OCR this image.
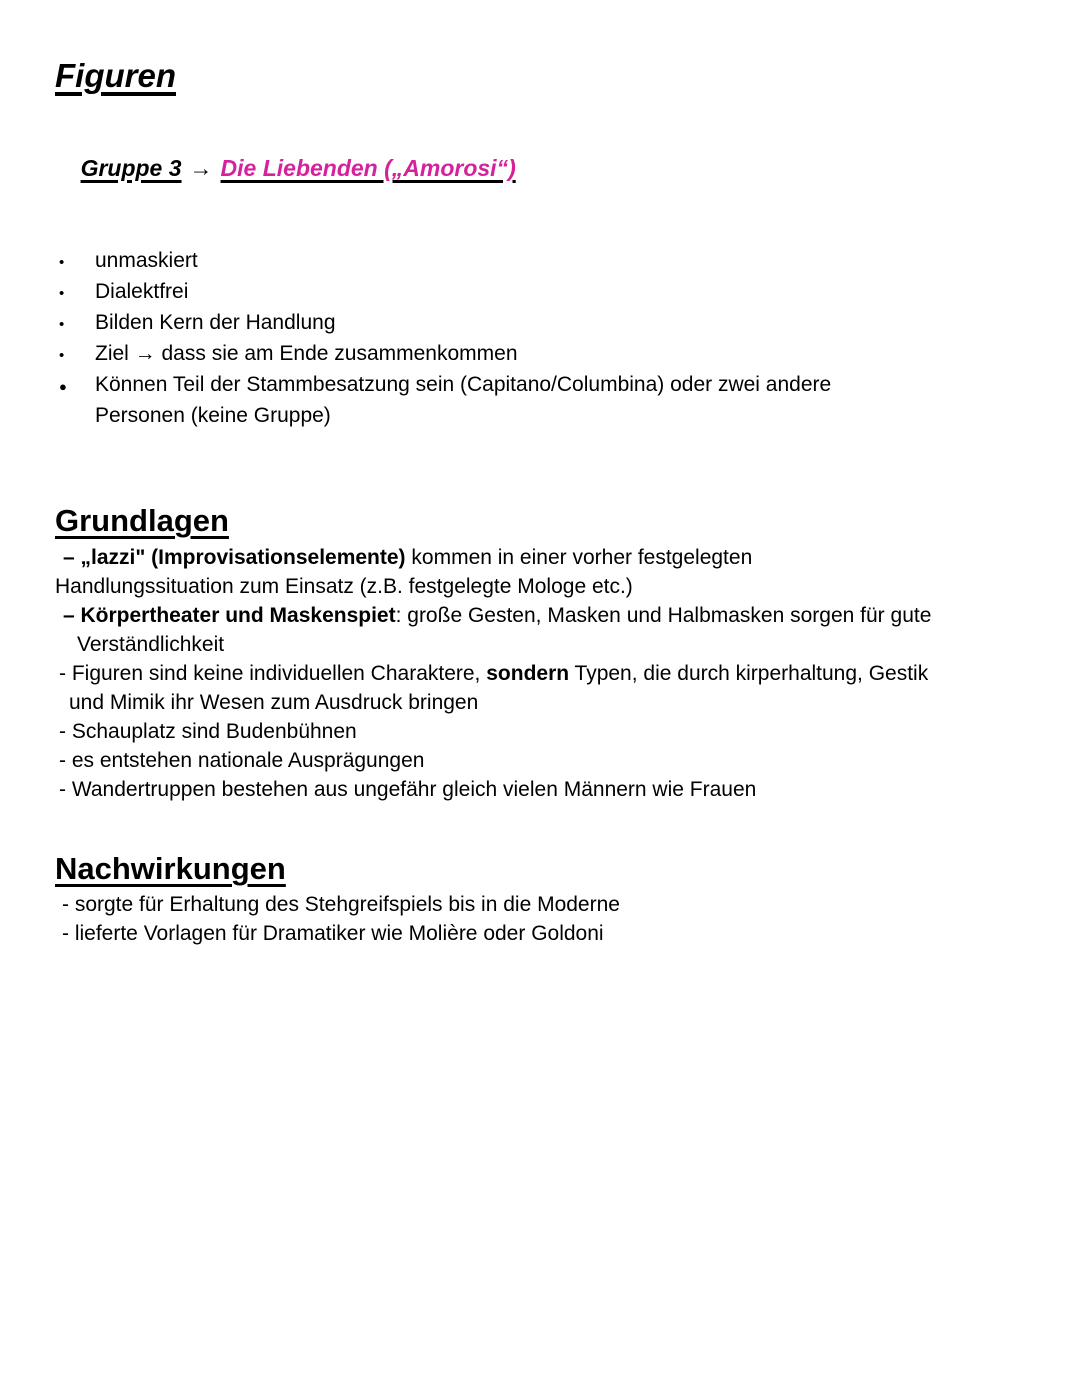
Figuren

Gruppe 3 → Die Liebenden („Amorosi“)

•	unmaskiert
•	Dialektfrei
•	Bilden Kern der Handlung
•	Ziel → dass sie am Ende zusammenkommen
●	Können Teil der Stammbesatzung sein (Capitano/Columbina) oder zwei andere
Personen (keine Gruppe)
Grundlagen
– „lazzi" (Improvisationselemente) kommen in einer vorher festgelegten
Handlungssituation zum Einsatz (z.B. festgelegte Mologe etc.)
– Körpertheater und Maskenspiet: große Gesten, Masken und Halbmasken sorgen für gute
Verständlichkeit
- Figuren sind keine individuellen Charaktere, sondern Typen, die durch kirperhaltung, Gestik
und Mimik ihr Wesen zum Ausdruck bringen
- Schauplatz sind Budenbühnen
- es entstehen nationale Ausprägungen
- Wandertruppen bestehen aus ungefähr gleich vielen Männern wie Frauen
Nachwirkungen
- sorgte für Erhaltung des Stehgreifspiels bis in die Moderne
- lieferte Vorlagen für Dramatiker wie Molière oder Goldoni
